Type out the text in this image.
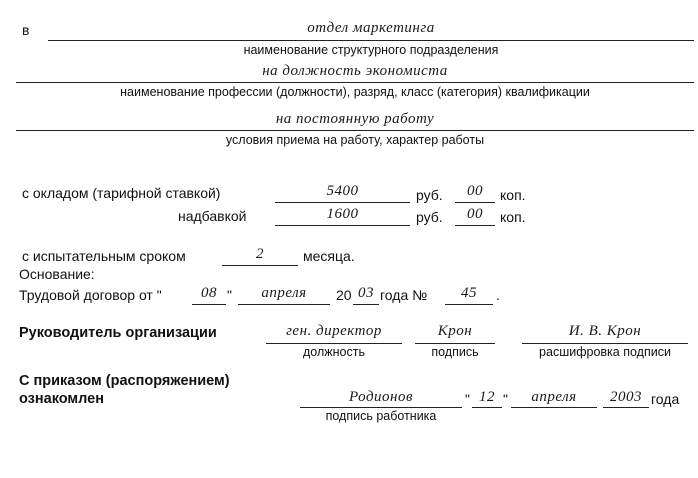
в	отдел маркетинга
наименование структурного подразделения
на должность экономиста
наименование профессии (должности), разряд, класс (категория) квалификации
на постоянную работу
условия приема на работу, характер работы
с окладом (тарифной ставкой)	5400	руб.	00	коп.
надбавкой	1600	руб.	00	коп.
с испытательным сроком	2	месяца.
Основание:
Трудовой договор от "	08 "	апреля	20 03 года №	45	.
Руководитель организации	ген. директор
должность
Крон
подпись
И. В. Крон
расшифровка подписи
С приказом (распоряжением)
ознакомлен	Родионов
подпись работника
" 12 "	апреля	2003 года
